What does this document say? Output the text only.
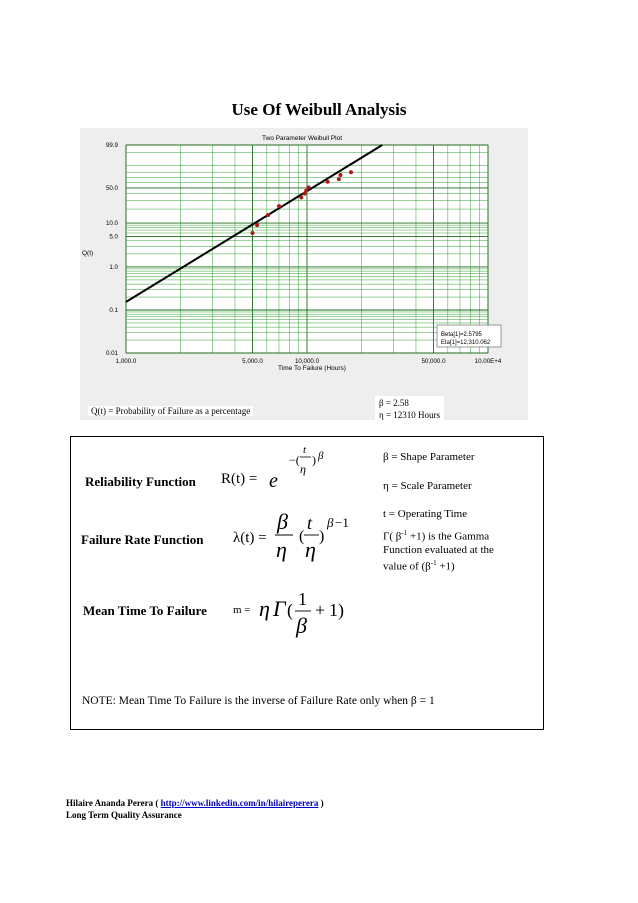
Use Of Weibull Analysis
99.9
50.0
10.0
5.0
1.0
0.1
0.01
1,000.0	5,000.0	10,000.0	50,000.0	10.00E+4
Two Parameter Weibull Plot
Q(t)
Time To Failure (Hours)
Beta[1]=2.5795
Eta[1]=12,310.062
Q(t) = Probability of Failure as a percentage
β = 2.58
η = 12310 Hours
Reliability Function R(t) = e
−(
t
η
) β
Failure Rate Function λ(t) =
β
η
(
t
η
)
β −1
Mean Time To Failure m = η Γ (
1
β
+ 1)
β = Shape Parameter
η = Scale Parameter
t = Operating Time
Γ( $\beta^{-1} +1$) is the Gamma
Function evaluated at the
value of $(\beta^{-1} +1)$
NOTE: Mean Time To Failure is the inverse of Failure Rate only when β = 1
Hilaire Ananda Perera ( http://www.linkedin.com/in/hilaireperera )
Long Term Quality Assurance
